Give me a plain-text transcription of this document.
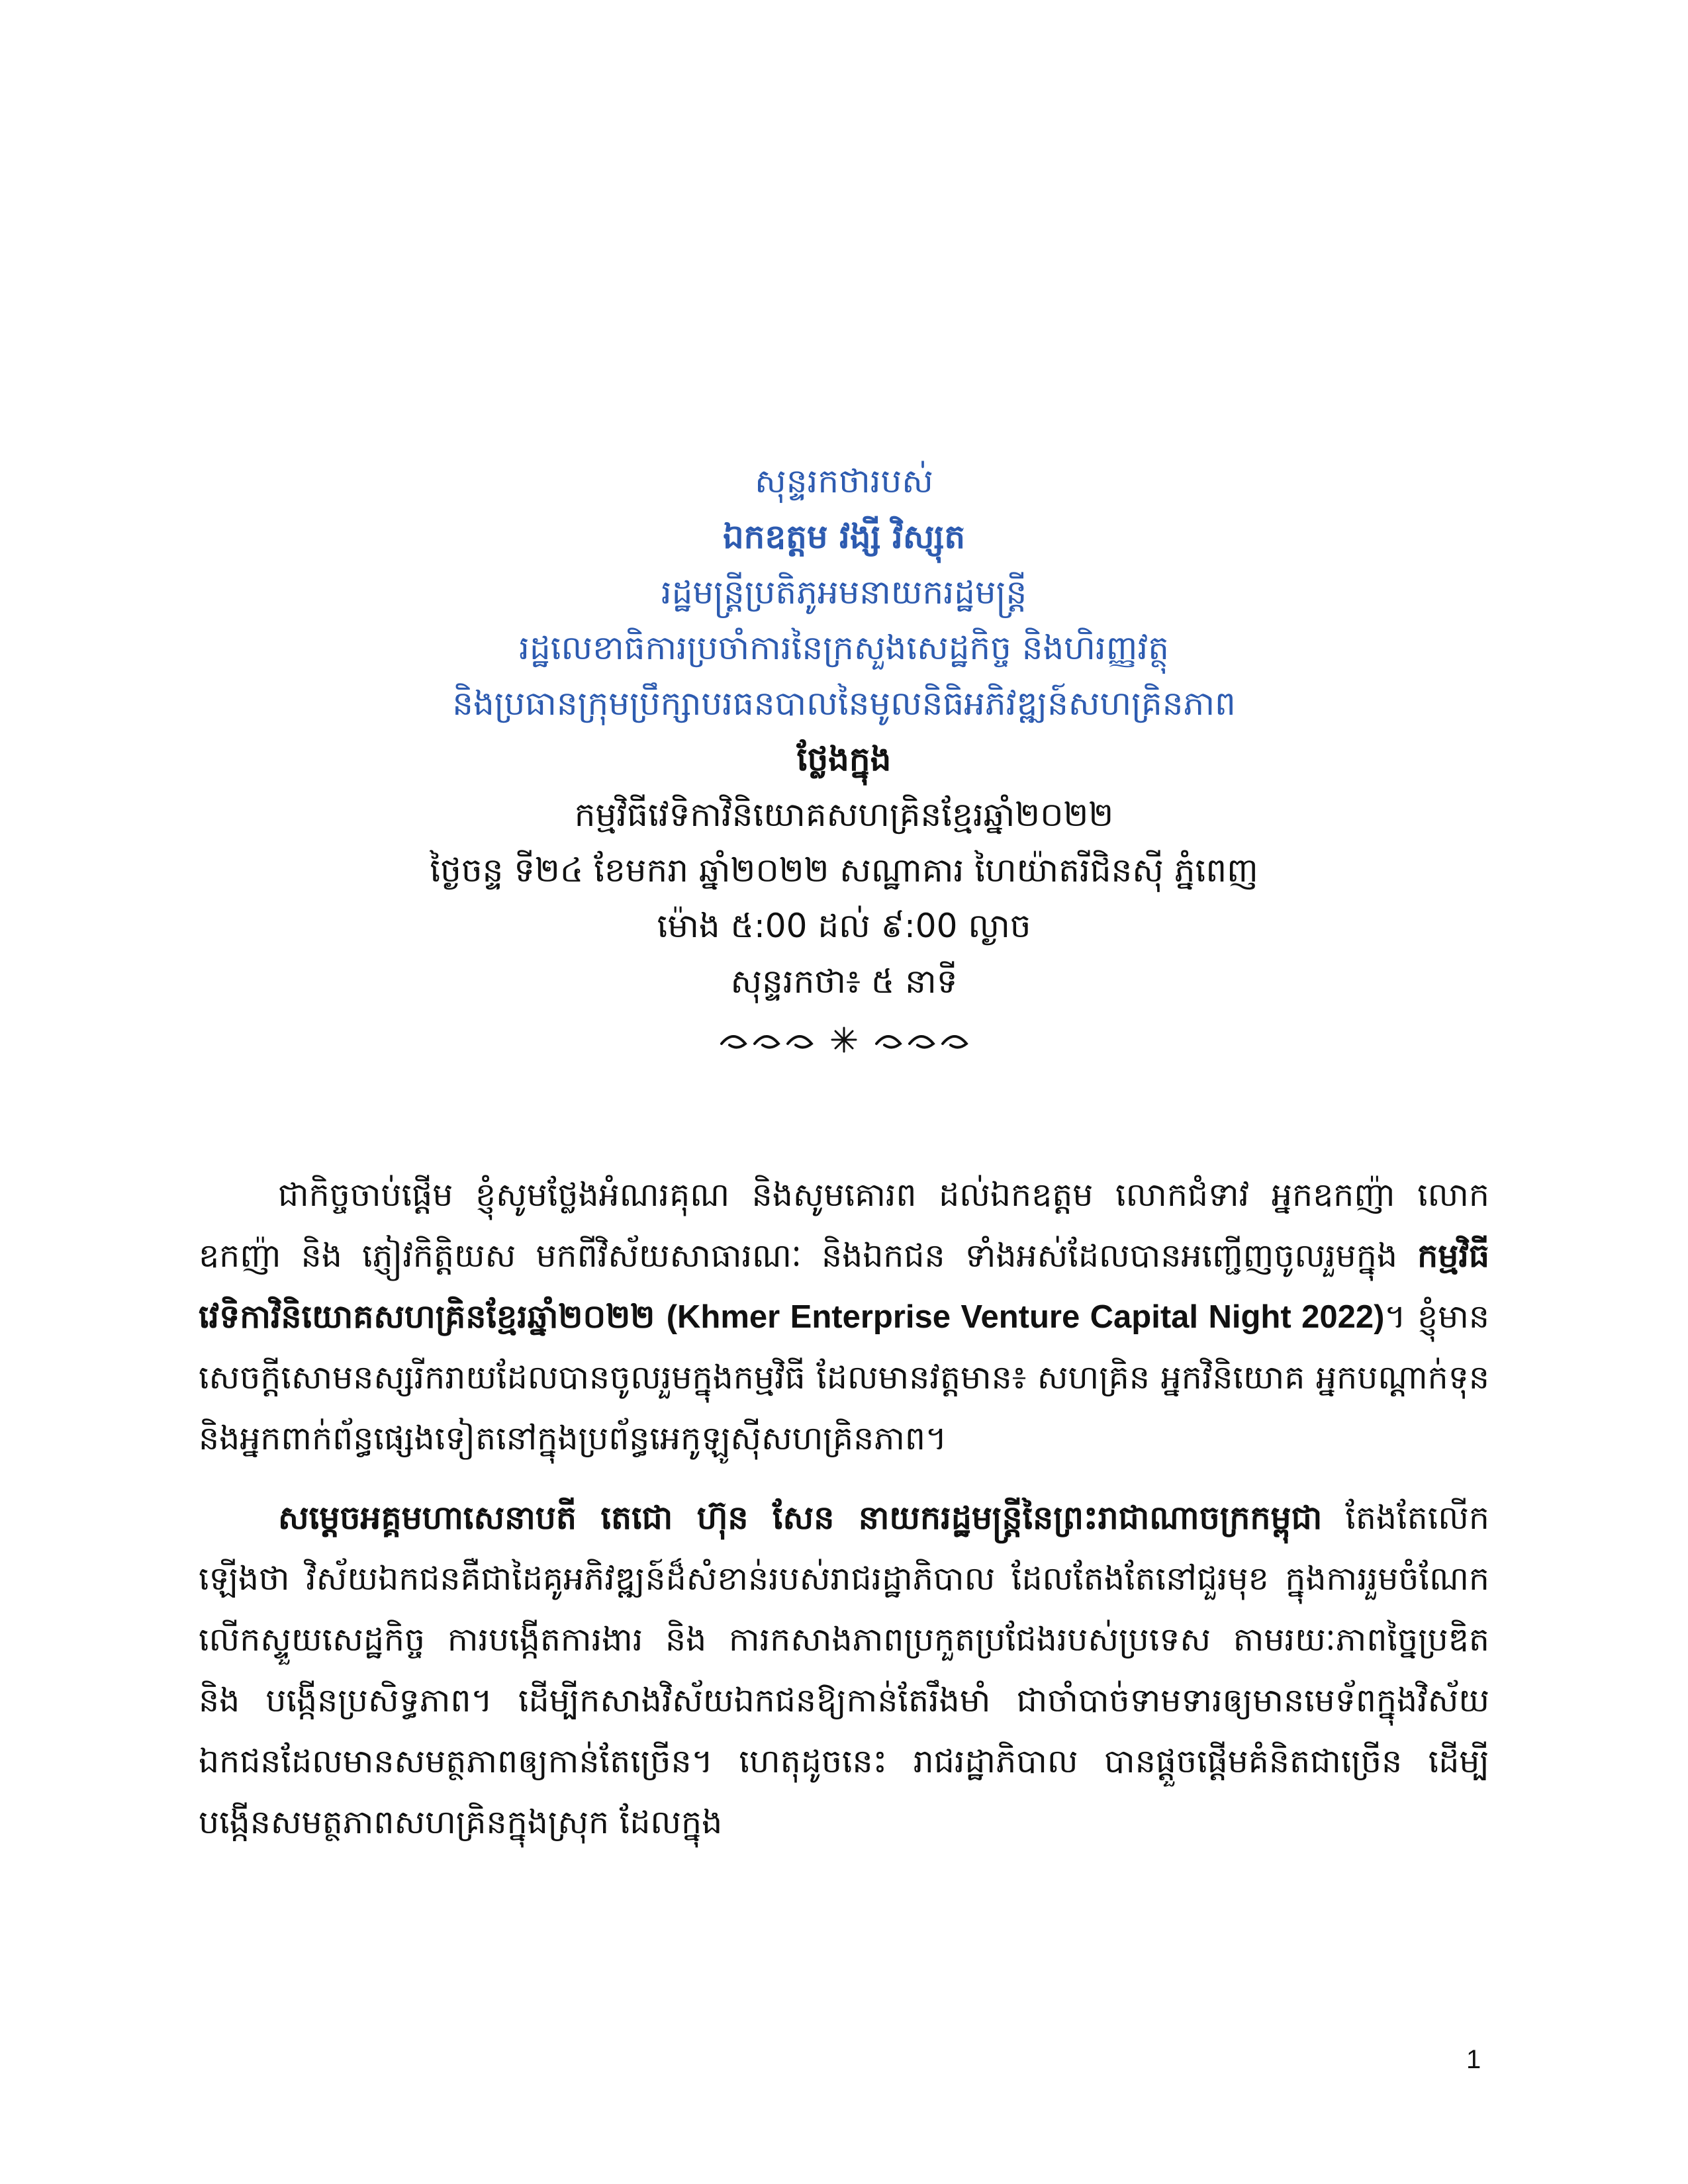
សុន្ទរកថារបស់
ឯកឧត្តម វង្សី វិស្សុត
រដ្ឋមន្ត្រីប្រតិភូអមនាយករដ្ឋមន្ត្រី
រដ្ឋលេខាធិការប្រចាំការនៃក្រសួងសេដ្ឋកិច្ច និងហិរញ្ញវត្ថុ
និងប្រធានក្រុមប្រឹក្សាបរធនបាលនៃមូលនិធិអភិវឌ្ឍន៍សហគ្រិនភាព
ថ្លែងក្នុង
កម្មវិធីវេទិកាវិនិយោគសហគ្រិនខ្មែរឆ្នាំ២០២២
ថ្ងៃចន្ទ ទី២៤ ខែមករា ឆ្នាំ២០២២ សណ្ឋាគារ ហៃយ៉ាតរីជិនស៊ី ភ្នំពេញ
ម៉ោង ៥:00 ដល់ ៩:00 ល្ងាច
សុន្ទរកថា៖ ៥ នាទី

ជាកិច្ចចាប់ផ្ដើម ខ្ញុំសូមថ្លែងអំណរគុណ និងសូមគោរព ដល់ឯកឧត្តម លោកជំទាវ អ្នកឧកញ៉ា លោកឧកញ៉ា និង ភ្ញៀវកិត្តិយស មកពីវិស័យសាធារណៈ និងឯកជន ទាំងអស់ដែលបានអញ្ជើញចូលរួមក្នុង កម្មវិធីវេទិកាវិនិយោគសហគ្រិនខ្មែរឆ្នាំ២០២២ (Khmer Enterprise Venture Capital Night 2022)។ ខ្ញុំមានសេចក្ដីសោមនស្សរីករាយដែលបានចូលរួមក្នុងកម្មវិធី ដែលមានវត្តមាន៖ សហគ្រិន អ្នកវិនិយោគ អ្នកបណ្ដាក់ទុន និងអ្នកពាក់ព័ន្ធផ្សេងទៀតនៅក្នុងប្រព័ន្ធអេកូឡូស៊ីសហគ្រិនភាព។

សម្ដេចអគ្គមហាសេនាបតី តេជោ ហ៊ុន សែន នាយករដ្ឋមន្ត្រីនៃព្រះរាជាណាចក្រកម្ពុជា តែងតែលើកឡើងថា វិស័យឯកជនគឺជាដៃគូអភិវឌ្ឍន៍ដ៏សំខាន់របស់រាជរដ្ឋាភិបាល ដែលតែងតែនៅជួរមុខ ក្នុងការរួមចំណែកលើកស្ទួយសេដ្ឋកិច្ច ការបង្កើតការងារ និង ការកសាងភាពប្រកួតប្រជែងរបស់ប្រទេស តាមរយៈភាពច្នៃប្រឌិត និង បង្កើនប្រសិទ្ធភាព។ ដើម្បីកសាងវិស័យឯកជនឱ្យកាន់តែរឹងមាំ ជាចាំបាច់ទាមទារឲ្យមានមេទ័ពក្នុងវិស័យឯកជនដែលមានសមត្ថភាពឲ្យកាន់តែច្រើន។ ហេតុដូចនេះ រាជរដ្ឋាភិបាល បានផ្ដួចផ្ដើមគំនិតជាច្រើន ដើម្បីបង្កើនសមត្ថភាពសហគ្រិនក្នុងស្រុក ដែលក្នុង

1
